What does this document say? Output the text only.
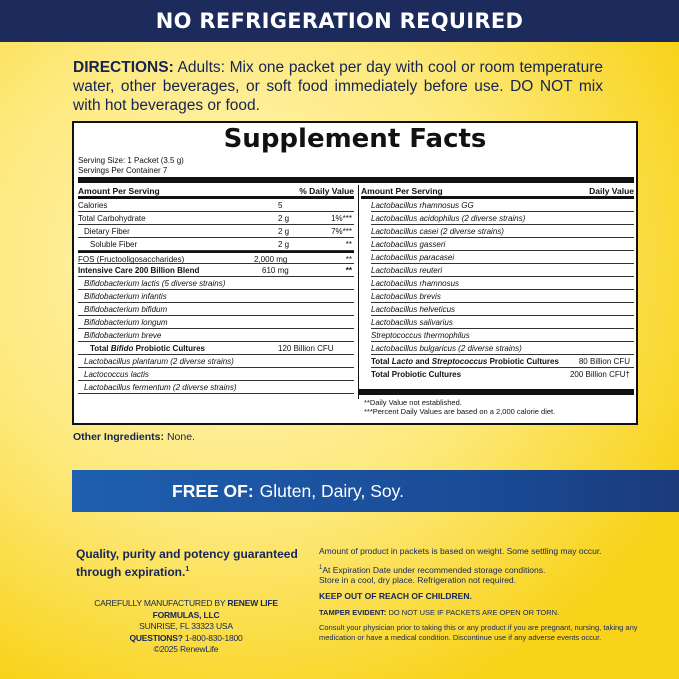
NO REFRIGERATION REQUIRED
DIRECTIONS: Adults: Mix one packet per day with cool or room temperature water, other beverages, or soft food immediately before use. DO NOT mix with hot beverages or food.
Supplement Facts
Serving Size: 1 Packet (3.5 g)
Servings Per Container 7
Amount Per Serving	% Daily Value
Calories	5
Total Carbohydrate	2 g	1%***
Dietary Fiber	2 g	7%***
Soluble Fiber	2 g	**
FOS (Fructooligosaccharides)	2,000 mg	**
Intensive Care 200 Billion Blend	610 mg	**
Bifidobacterium lactis (5 diverse strains)
Bifidobacterium infantis
Bifidobacterium bifidum
Bifidobacterium longum
Bifidobacterium breve
Total Bifido Probiotic Cultures	120 Billion CFU
Lactobacillus plantarum (2 diverse strains)
Lactococcus lactis
Lactobacillus fermentum (2 diverse strains)
Amount Per Serving	Daily Value
Lactobacillus rhamnosus GG
Lactobacillus acidophilus (2 diverse strains)
Lactobacillus casei (2 diverse strains)
Lactobacillus gasseri
Lactobacillus paracasei
Lactobacillus reuteri
Lactobacillus rhamnosus
Lactobacillus brevis
Lactobacillus helveticus
Lactobacillus salivarius
Streptococcus thermophilus
Lactobacillus bulgaricus (2 diverse strains)
Total Lacto and Streptococcus Probiotic Cultures 80 Billion CFU
Total Probiotic Cultures	200 Billion CFU†
**Daily Value not established.
***Percent Daily Values are based on a 2,000 calorie diet.
Other Ingredients: None.
FREE OF: Gluten, Dairy, Soy.
Quality, purity and potency guaranteed through expiration.$^1$
CAREFULLY MANUFACTURED BY RENEW LIFE FORMULAS, LLC
SUNRISE, FL 33323 USA
QUESTIONS? 1-800-830-1800
©2025 RenewLife

Amount of product in packets is based on weight. Some settling may occur.

$^1$At Expiration Date under recommended storage conditions.
Store in a cool, dry place. Refrigeration not required.

KEEP OUT OF REACH OF CHILDREN.

TAMPER EVIDENT: DO NOT USE IF PACKETS ARE OPEN OR TORN.

Consult your physician prior to taking this or any product if you are pregnant, nursing, taking any medication or have a medical condition. Discontinue use if any adverse events occur.
